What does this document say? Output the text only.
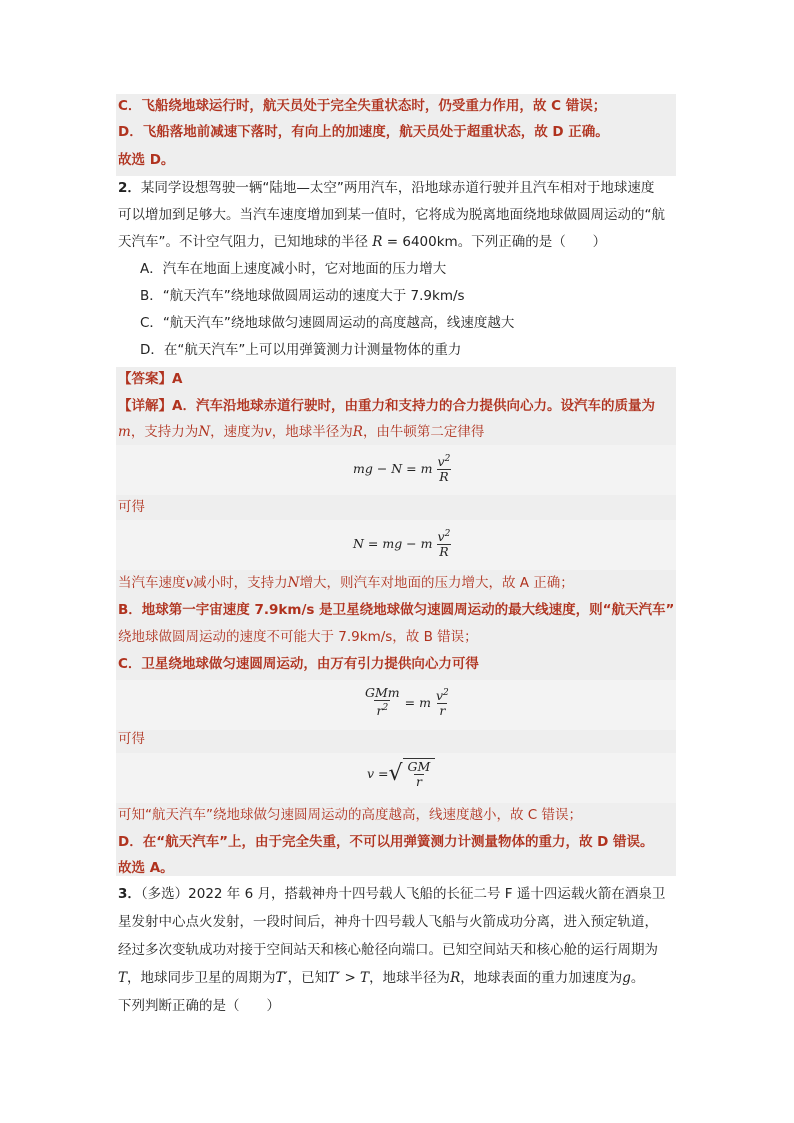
C．飞船绕地球运行时，航天员处于完全失重状态时，仍受重力作用，故 C 错误；
D．飞船落地前减速下落时，有向上的加速度，航天员处于超重状态，故 D 正确。
故选 D。
2．某同学设想驾驶一辆“陆地—太空”两用汽车，沿地球赤道行驶并且汽车相对于地球速度
可以增加到足够大。当汽车速度增加到某一值时，它将成为脱离地面绕地球做圆周运动的“航
天汽车”。不计空气阻力，已知地球的半径 R = 6400km。下列正确的是（　　）
A．汽车在地面上速度减小时，它对地面的压力增大
B．“航天汽车”绕地球做圆周运动的速度大于 7.9km/s
C．“航天汽车”绕地球做匀速圆周运动的高度越高，线速度越大
D．在“航天汽车”上可以用弹簧测力计测量物体的重力
【答案】A
【详解】A．汽车沿地球赤道行驶时，由重力和支持力的合力提供向心力。设汽车的质量为
m，支持力为N，速度为v，地球半径为R，由牛顿第二定律得
mg − N = m $\frac{v^2}{R}$
可得
N = mg − m $\frac{v^2}{R}$
当汽车速度v减小时，支持力N增大，则汽车对地面的压力增大，故 A 正确；
B．地球第一宇宙速度 7.9km/s 是卫星绕地球做匀速圆周运动的最大线速度，则“航天汽车”
绕地球做圆周运动的速度不可能大于 7.9km/s，故 B 错误；
C．卫星绕地球做匀速圆周运动，由万有引力提供向心力可得
$\frac{\text{GMm}}{r^2} = m \frac{v^2}{r}$
可得
v = √ $\frac{GM}{r}$
可知“航天汽车”绕地球做匀速圆周运动的高度越高，线速度越小，故 C 错误；
D．在“航天汽车”上，由于完全失重，不可以用弹簧测力计测量物体的重力，故 D 错误。
故选 A。
3．（多选）2022 年 6 月，搭载神舟十四号载人飞船的长征二号 F 遥十四运载火箭在酒泉卫
星发射中心点火发射，一段时间后，神舟十四号载人飞船与火箭成功分离，进入预定轨道，
经过多次变轨成功对接于空间站天和核心舱径向端口。已知空间站天和核心舱的运行周期为
T，地球同步卫星的周期为T′，已知T′ > T，地球半径为R，地球表面的重力加速度为g。
下列判断正确的是（　　）
